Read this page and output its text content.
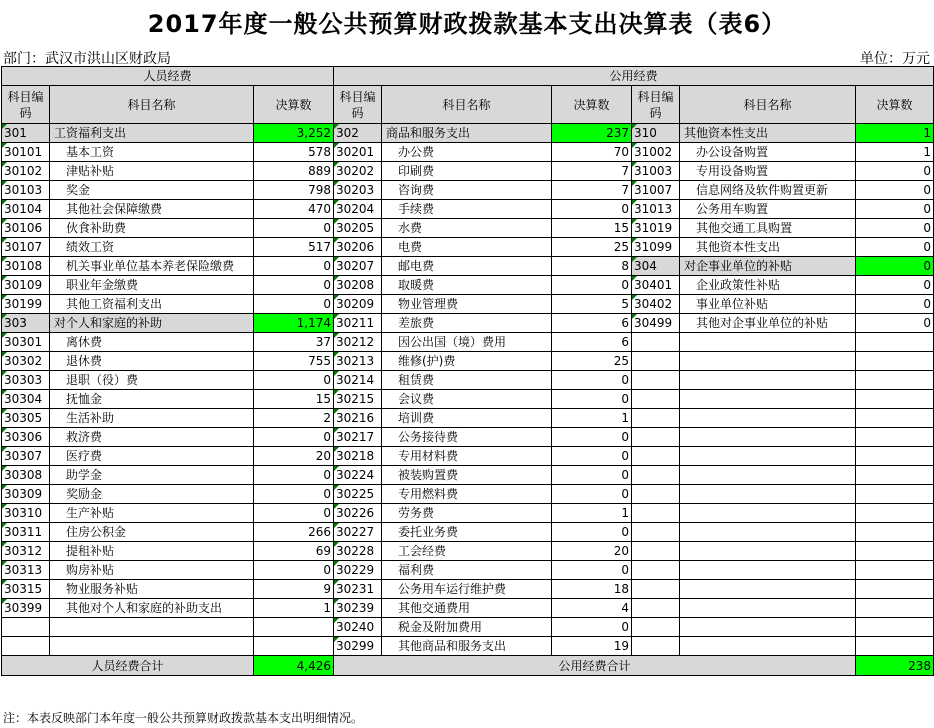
2017年度一般公共预算财政拨款基本支出决算表（表6）
部门：武汉市洪山区财政局	单位：万元
人员经费			公用经费					
科目编码	科目名称	决算数	科目编码	科目名称	决算数	科目编码	科目名称	决算数
301	工资福利支出	3,252	302	商品和服务支出	237	310	其他资本性支出	1
30101	基本工资	578	30201	办公费	70	31002	办公设备购置	1
30102	津贴补贴	889	30202	印刷费	7	31003	专用设备购置	0
30103	奖金	798	30203	咨询费	7	31007	信息网络及软件购置更新	0
30104	其他社会保障缴费	470	30204	手续费	0	31013	公务用车购置	0
30106	伙食补助费	0	30205	水费	15	31019	其他交通工具购置	0
30107	绩效工资	517	30206	电费	25	31099	其他资本性支出	0
30108	机关事业单位基本养老保险缴费	0	30207	邮电费	8	304	对企事业单位的补贴	0
30109	职业年金缴费	0	30208	取暖费	0	30401	企业政策性补贴	0
30199	其他工资福利支出	0	30209	物业管理费	5	30402	事业单位补贴	0
303	对个人和家庭的补助	1,174	30211	差旅费	6	30499	其他对企事业单位的补贴	0
30301	离休费	37	30212	因公出国（境）费用	6			
30302	退休费	755	30213	维修(护)费	25			
30303	退职（役）费	0	30214	租赁费	0			
30304	抚恤金	15	30215	会议费	0			
30305	生活补助	2	30216	培训费	1			
30306	救济费	0	30217	公务接待费	0			
30307	医疗费	20	30218	专用材料费	0			
30308	助学金	0	30224	被装购置费	0			
30309	奖励金	0	30225	专用燃料费	0			
30310	生产补贴	0	30226	劳务费	1			
30311	住房公积金	266	30227	委托业务费	0			
30312	提租补贴	69	30228	工会经费	20			
30313	购房补贴	0	30229	福利费	0			
30315	物业服务补贴	9	30231	公务用车运行维护费	18			
30399	其他对个人和家庭的补助支出	1	30239	其他交通费用	4			
			30240	税金及附加费用	0			
			30299	其他商品和服务支出	19			
人员经费合计		4,426	公用经费合计					238
注：本表反映部门本年度一般公共预算财政拨款基本支出明细情况。
